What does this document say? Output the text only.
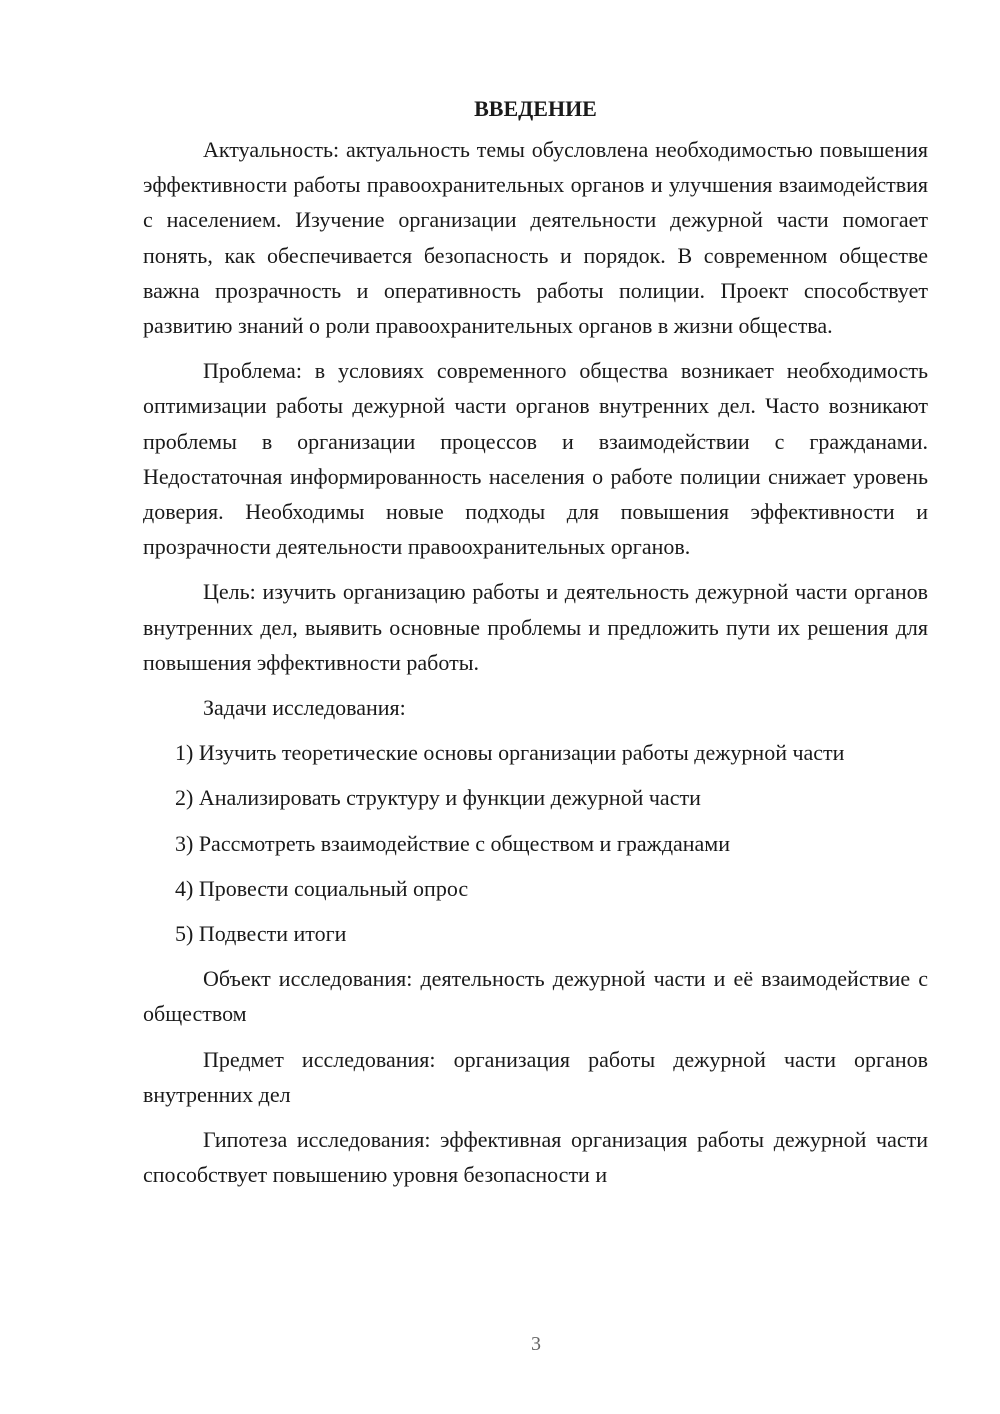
ВВЕДЕНИЕ

Актуальность: актуальность темы обусловлена необходимостью повышения эффективности работы правоохранительных органов и улучшения взаимодействия с населением. Изучение организации деятельности дежурной части помогает понять, как обеспечивается безопасность и порядок. В современном обществе важна прозрачность и оперативность работы полиции. Проект способствует развитию знаний о роли правоохранительных органов в жизни общества.

Проблема: в условиях современного общества возникает необходимость оптимизации работы дежурной части органов внутренних дел. Часто возникают проблемы в организации процессов и взаимодействии с гражданами. Недостаточная информированность населения о работе полиции снижает уровень доверия. Необходимы новые подходы для повышения эффективности и прозрачности деятельности правоохранительных органов.

Цель: изучить организацию работы и деятельность дежурной части органов внутренних дел, выявить основные проблемы и предложить пути их решения для повышения эффективности работы.

Задачи исследования:

1) Изучить теоретические основы организации работы дежурной части

2) Анализировать структуру и функции дежурной части

3) Рассмотреть взаимодействие с обществом и гражданами

4) Провести социальный опрос

5) Подвести итоги

Объект исследования: деятельность дежурной части и её взаимодействие с обществом

Предмет исследования: организация работы дежурной части органов внутренних дел

Гипотеза исследования: эффективная организация работы дежурной части способствует повышению уровня безопасности и

3
